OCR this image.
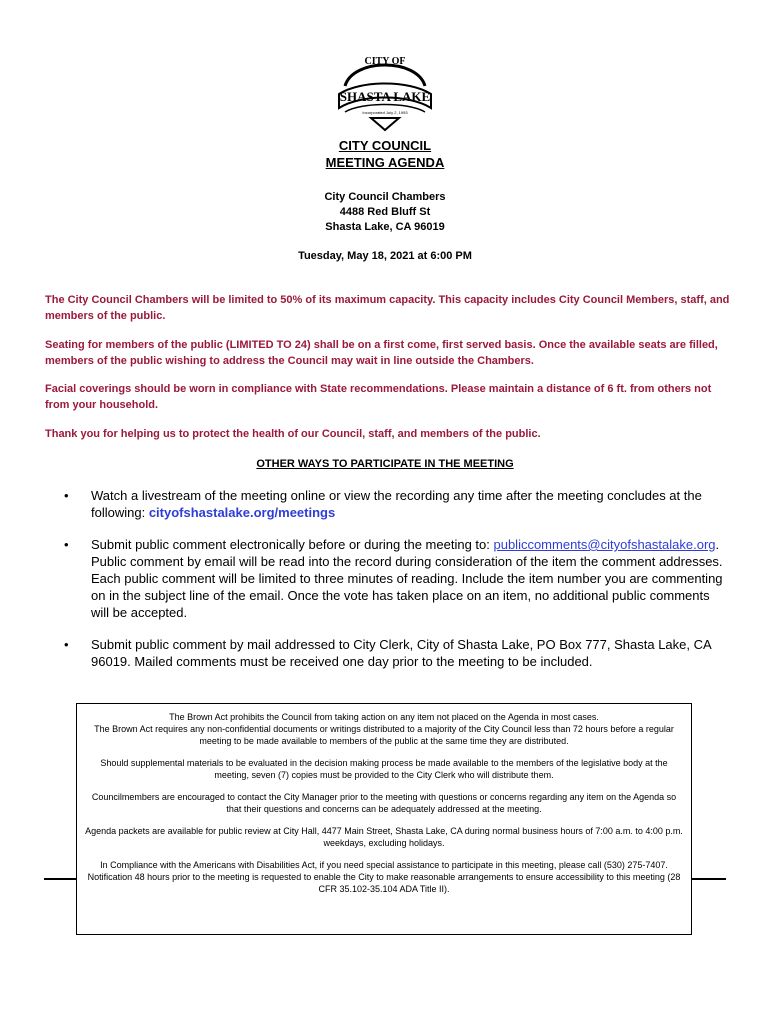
CITY OF
SHASTA LAKE
Incorporated July 2, 1993
CITY COUNCIL
MEETING AGENDA
City Council Chambers
4488 Red Bluff St
Shasta Lake, CA 96019
Tuesday, May 18, 2021 at 6:00 PM

The City Council Chambers will be limited to 50% of its maximum capacity. This capacity includes City Council Members, staff, and members of the public.

Seating for members of the public (LIMITED TO 24) shall be on a first come, first served basis. Once the available seats are filled, members of the public wishing to address the Council may wait in line outside the Chambers.

Facial coverings should be worn in compliance with State recommendations. Please maintain a distance of 6 ft. from others not from your household.

Thank you for helping us to protect the health of our Council, staff, and members of the public.

OTHER WAYS TO PARTICIPATE IN THE MEETING
• Watch a livestream of the meeting online or view the recording any time after the meeting concludes at the following: cityofshastalake.org/meetings
• Submit public comment electronically before or during the meeting to: publiccomments@cityofshastalake.org. Public comment by email will be read into the record during consideration of the item the comment addresses. Each public comment will be limited to three minutes of reading. Include the item number you are commenting on in the subject line of the email. Once the vote has taken place on an item, no additional public comments will be accepted.
• Submit public comment by mail addressed to City Clerk, City of Shasta Lake, PO Box 777, Shasta Lake, CA 96019. Mailed comments must be received one day prior to the meeting to be included.

The Brown Act prohibits the Council from taking action on any item not placed on the Agenda in most cases.

The Brown Act requires any non-confidential documents or writings distributed to a majority of the City Council less than 72 hours before a regular meeting to be made available to members of the public at the same time they are distributed.

Should supplemental materials to be evaluated in the decision making process be made available to the members of the legislative body at the meeting, seven (7) copies must be provided to the City Clerk who will distribute them.

Councilmembers are encouraged to contact the City Manager prior to the meeting with questions or concerns regarding any item on the Agenda so that their questions and concerns can be adequately addressed at the meeting.

Agenda packets are available for public review at City Hall, 4477 Main Street, Shasta Lake, CA during normal business hours of 7:00 a.m. to 4:00 p.m. weekdays, excluding holidays.

In Compliance with the Americans with Disabilities Act, if you need special assistance to participate in this meeting, please call (530) 275-7407. Notification 48 hours prior to the meeting is requested to enable the City to make reasonable arrangements to ensure accessibility to this meeting (28 CFR 35.102-35.104 ADA Title II).
